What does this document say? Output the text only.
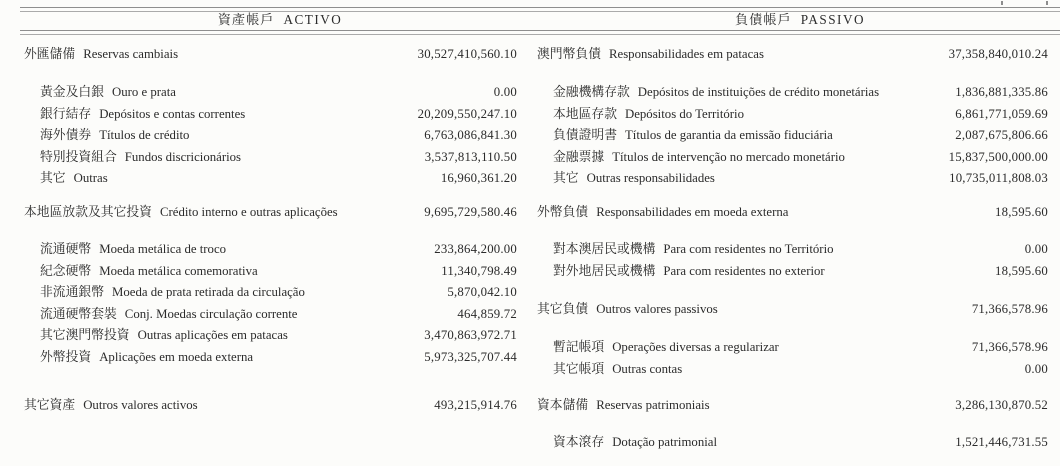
資產帳戶 ACTIVO	負債帳戶 PASSIVO
外匯儲備 Reservas cambiais	30,527,410,560.10
黃金及白銀 Ouro e prata	0.00
銀行結存 Depósitos e contas correntes	20,209,550,247.10
海外債券 Títulos de crédito	6,763,086,841.30
特別投資組合 Fundos discricionários	3,537,813,110.50
其它 Outras	16,960,361.20
本地區放款及其它投資 Crédito interno e outras aplicações	9,695,729,580.46
流通硬幣 Moeda metálica de troco	233,864,200.00
紀念硬幣 Moeda metálica comemorativa	11,340,798.49
非流通銀幣 Moeda de prata retirada da circulação	5,870,042.10
流通硬幣套裝 Conj. Moedas circulação corrente	464,859.72
其它澳門幣投資 Outras aplicações em patacas	3,470,863,972.71
外幣投資 Aplicações em moeda externa	5,973,325,707.44
其它資產 Outros valores activos	493,215,914.76
澳門幣負債 Responsabilidades em patacas	37,358,840,010.24
金融機構存款 Depósitos de instituições de crédito monetárias	1,836,881,335.86
本地區存款 Depósitos do Território	6,861,771,059.69
負債證明書 Títulos de garantia da emissão fiduciária	2,087,675,806.66
金融票據 Títulos de intervenção no mercado monetário	15,837,500,000.00
其它 Outras responsabilidades	10,735,011,808.03
外幣負債 Responsabilidades em moeda externa	18,595.60
對本澳居民或機構 Para com residentes no Território	0.00
對外地居民或機構 Para com residentes no exterior	18,595.60
其它負債 Outros valores passivos	71,366,578.96
暫記帳項 Operações diversas a regularizar	71,366,578.96
其它帳項 Outras contas	0.00
資本儲備 Reservas patrimoniais	3,286,130,870.52
資本滾存 Dotação patrimonial	1,521,446,731.55
